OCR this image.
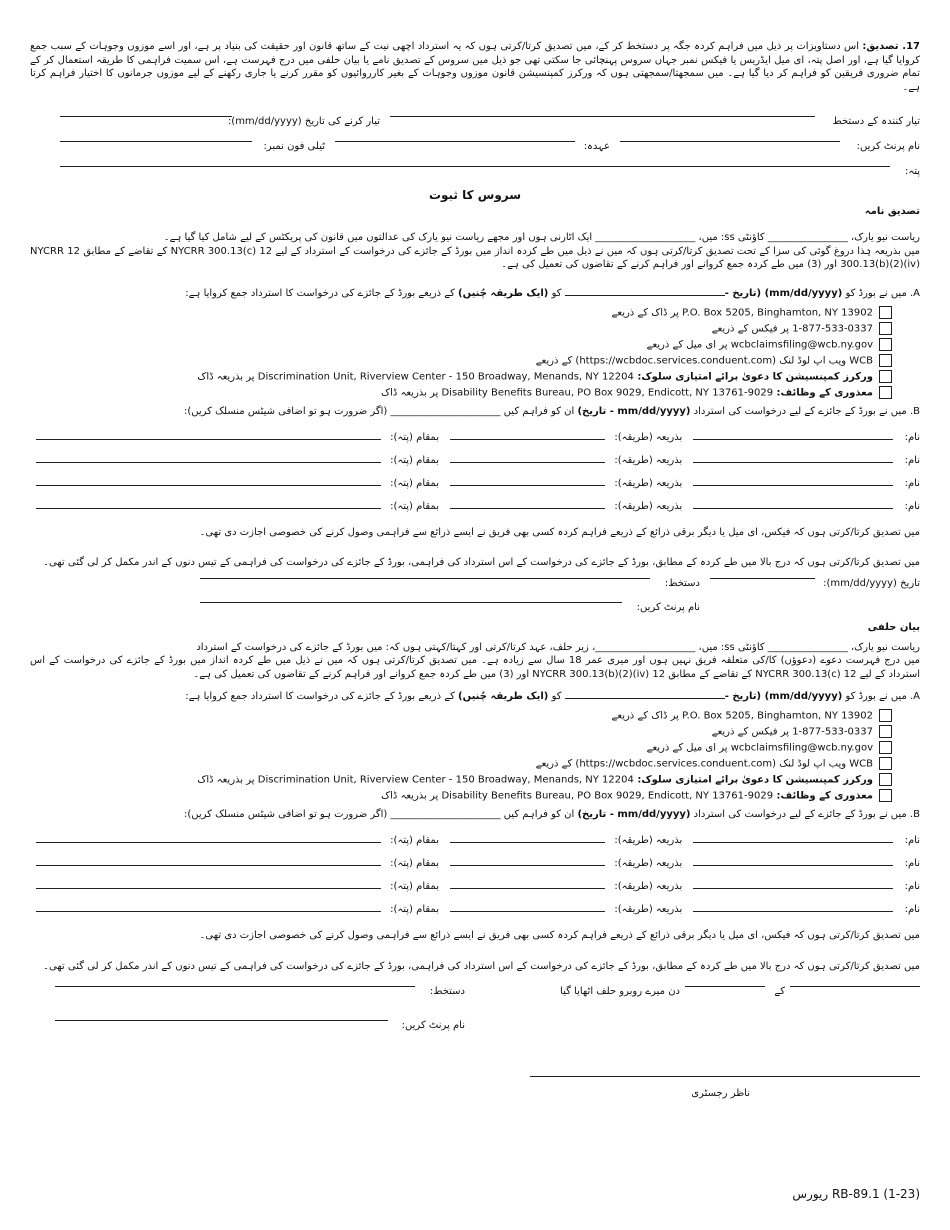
17. تصدیق: اس دستاویزات پر ذیل میں فراہم کردہ جگہ پر دستخط کر کے، میں تصدیق کرتا/کرتی ہوں کہ یہ استرداد اچھی نیت کے ساتھ قانون اور حقیقت کی بنیاد پر ہے، اور اسے موزوں وجوہات کے سبب جمع کروایا گیا ہے، اور اصل پتہ، ای میل ایڈریس یا فیکس نمبر جہاں سروس پہنچائی جا سکتی تھی جو ذیل میں سروس کے تصدیق نامے یا بیان حلفی میں درج فہرست ہے، اس سمیت فراہمی کا طریقہ استعمال کر کے تمام ضروری فریقین کو فراہم کر دیا گیا ہے۔ میں سمجھتا/سمجھتی ہوں کہ ورکرز کمپنسیشن قانون موزوں وجوہات کے بغیر کارروائیوں کو مقرر کرنے یا جاری رکھنے کے لیے موزوں جرمانوں کا اختیار فراہم کرتا ہے۔
تیار کنندہ کے دستخط
تیار کرنے کی تاریخ (mm/dd/yyyy):
نام پرنٹ کریں:
عہدہ:
ٹیلی فون نمبر:
پتہ:
سروس کا ثبوت
تصدیق نامہ
ریاست نیو یارک، ________________ کاؤنٹی ss: میں، ____________________ ایک اٹارنی ہوں اور مجھے ریاست نیو یارک کی عدالتوں میں قانون کی پریکٹس کے لیے شامل کیا گیا ہے۔
میں بذریعہ ہٰذا دروغ گوئی کی سزا کے تحت تصدیق کرتا/کرتی ہوں کہ میں نے ذیل میں طے کردہ انداز میں بورڈ کے جائزے کی درخواست کے استرداد کے لیے 12 NYCRR 300.13(c) کے تقاضے کے مطابق 12 NYCRR 300.13(b)(2)(iv) اور (3) میں طے کردہ جمع کروانے اور فراہم کرنے کے تقاضوں کی تعمیل کی ہے۔
A. میں نے بورڈ کو (mm/dd/yyyy) (تاریخ - کو (ایک طریقہ چُنیں) کے ذریعے بورڈ کے جائزے کی درخواست کا استرداد جمع کروایا ہے:
P.O. Box 5205, Binghamton, NY 13902 پر ڈاک کے ذریعے
1-877-533-0337 پر فیکس کے ذریعے
wcbclaimsfiling@wcb.ny.gov پر ای میل کے ذریعے
WCB ویب اپ لوڈ لنک (https://wcbdoc.services.conduent.com) کے ذریعے
ورکرز کمپنسیشن کا دعویٰ برائے امتیازی سلوک: Discrimination Unit, Riverview Center - 150 Broadway, Menands, NY 12204 پر بذریعہ ڈاک
معذوری کے وظائف: Disability Benefits Bureau, PO Box 9029, Endicott, NY 13761-9029 پر بذریعہ ڈاک
B. میں نے بورڈ کے جائزے کے لیے درخواست کی استرداد (mm/dd/yyyy - تاریخ) ان کو فراہم کیں ______________________ (اگر ضرورت ہو تو اضافی شیٹس منسلک کریں):
نام:  بذریعہ (طریقہ):  بمقام (پتہ):
نام:  بذریعہ (طریقہ):  بمقام (پتہ):
نام:  بذریعہ (طریقہ):  بمقام (پتہ):
نام:  بذریعہ (طریقہ):  بمقام (پتہ):
میں تصدیق کرتا/کرتی ہوں کہ فیکس، ای میل یا دیگر برقی ذرائع کے ذریعے فراہم کردہ کسی بھی فریق نے ایسے ذرائع سے فراہمی وصول کرنے کی خصوصی اجازت دی تھی۔
میں تصدیق کرتا/کرتی ہوں کہ درج بالا میں طے کردہ کے مطابق، بورڈ کے جائزے کی درخواست کے اس استرداد کی فراہمی، بورڈ کے جائزے کی درخواست کی فراہمی کے تیس دنوں کے اندر مکمل کر لی گئی تھی۔
تاریخ (mm/dd/yyyy):
دستخط:
نام پرنٹ کریں:
بیان حلفی
ریاست نیو یارک، ________________ کاؤنٹی ss: میں، ____________________، زیر حلف، عہد کرتا/کرتی اور کہتا/کہتی ہوں کہ: میں بورڈ کے جائزے کی درخواست کے استرداد
میں درج فہرست دعوے (دعوؤں) کا/کی متعلقہ فریق نہیں ہوں اور میری عمر 18 سال سے زیادہ ہے۔ میں تصدیق کرتا/کرتی ہوں کہ میں نے ذیل میں طے کردہ انداز میں بورڈ کے جائزے کی درخواست کے اس استرداد کے لیے 12 NYCRR 300.13(c) کے تقاضے کے مطابق 12 NYCRR 300.13(b)(2)(iv) اور (3) میں طے کردہ جمع کروانے اور فراہم کرنے کے تقاضوں کی تعمیل کی ہے۔
A. میں نے بورڈ کو (mm/dd/yyyy) (تاریخ - کو (ایک طریقہ چُنیں) کے ذریعے بورڈ کے جائزے کی درخواست کا استرداد جمع کروایا ہے:
P.O. Box 5205, Binghamton, NY 13902 پر ڈاک کے ذریعے
1-877-533-0337 پر فیکس کے ذریعے
wcbclaimsfiling@wcb.ny.gov پر ای میل کے ذریعے
WCB ویب اپ لوڈ لنک (https://wcbdoc.services.conduent.com) کے ذریعے
ورکرز کمپنسیشن کا دعویٰ برائے امتیازی سلوک: Discrimination Unit, Riverview Center - 150 Broadway, Menands, NY 12204 پر بذریعہ ڈاک
معذوری کے وظائف: Disability Benefits Bureau, PO Box 9029, Endicott, NY 13761-9029 پر بذریعہ ڈاک
B. میں نے بورڈ کے جائزے کے لیے درخواست کی استرداد (mm/dd/yyyy - تاریخ) ان کو فراہم کیں ______________________ (اگر ضرورت ہو تو اضافی شیٹس منسلک کریں):
نام:  بذریعہ (طریقہ):  بمقام (پتہ):
نام:  بذریعہ (طریقہ):  بمقام (پتہ):
نام:  بذریعہ (طریقہ):  بمقام (پتہ):
نام:  بذریعہ (طریقہ):  بمقام (پتہ):
میں تصدیق کرتا/کرتی ہوں کہ فیکس، ای میل یا دیگر برقی ذرائع کے ذریعے فراہم کردہ کسی بھی فریق نے ایسے ذرائع سے فراہمی وصول کرنے کی خصوصی اجازت دی تھی۔
میں تصدیق کرتا/کرتی ہوں کہ درج بالا میں طے کردہ کے مطابق، بورڈ کے جائزے کی درخواست کے اس استرداد کی فراہمی، بورڈ کے جائزے کی درخواست کی فراہمی کے تیس دنوں کے اندر مکمل کر لی گئی تھی۔
کے
دن میرے روبرو حلف اٹھایا گیا
دستخط:
نام پرنٹ کریں:
ناظر رجسٹری
RB-89.1 (1-23) ریورس
